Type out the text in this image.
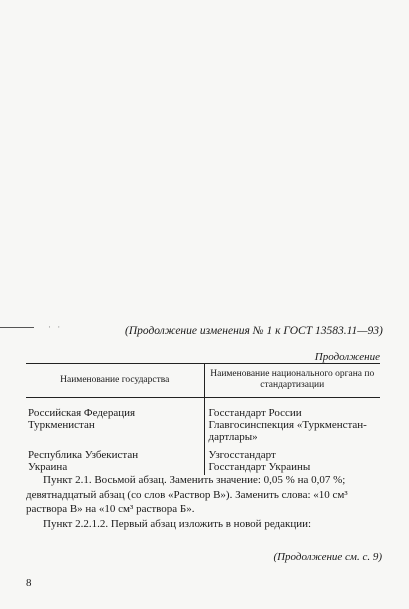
· ·	(Продолжение изменения № 1 к ГОСТ 13583.11—93)
Продолжение
Наименование государства	Наименование национального органа по стандартизации
Российская Федерация	Госстандарт России
Туркменистан	Главгосинспекция «Туркменстан-дартлары»
Республика Узбекистан	Узгосстандарт
Украина	Госстандарт Украины
Пункт 2.1. Восьмой абзац. Заменить значение: 0,05 % на 0,07 %;
девятнадцатый абзац (со слов «Раствор В»). Заменить слова: «10 см³
раствора В» на «10 см³ раствора Б».
Пункт 2.2.1.2. Первый абзац изложить в новой редакции:
(Продолжение см. с. 9)
8
